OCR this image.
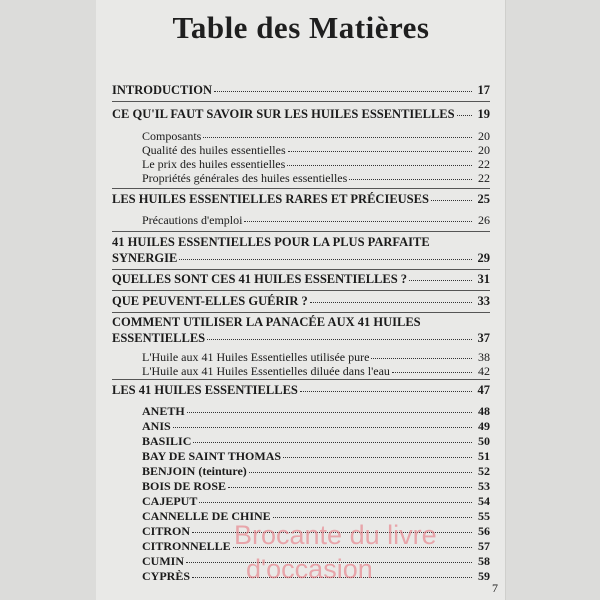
Table des Matières
INTRODUCTION	17
CE QU'IL FAUT SAVOIR SUR LES HUILES ESSENTIELLES 19
Composants	20
Qualité des huiles essentielles	20
Le prix des huiles essentielles	22
Propriétés générales des huiles essentielles	22
LES HUILES ESSENTIELLES RARES ET PRÉCIEUSES	25
Précautions d'emploi	26
41 HUILES ESSENTIELLES POUR LA PLUS PARFAITE
SYNERGIE	29
QUELLES SONT CES 41 HUILES ESSENTIELLES ?	31
QUE PEUVENT-ELLES GUÉRIR ?	33
COMMENT UTILISER LA PANACÉE AUX 41 HUILES
ESSENTIELLES	37
L'Huile aux 41 Huiles Essentielles utilisée pure	38
L'Huile aux 41 Huiles Essentielles diluée dans l'eau	42
LES 41 HUILES ESSENTIELLES	47
ANETH	48
ANIS	49
BASILIC	50
BAY DE SAINT THOMAS	51
BENJOIN (teinture)	52
BOIS DE ROSE	53
CAJEPUT	54
CANNELLE DE CHINE	55
CITRON	56
CITRONNELLE	57
CUMIN	58
CYPRÈS	59
Brocante du livre
d'occasion
7
